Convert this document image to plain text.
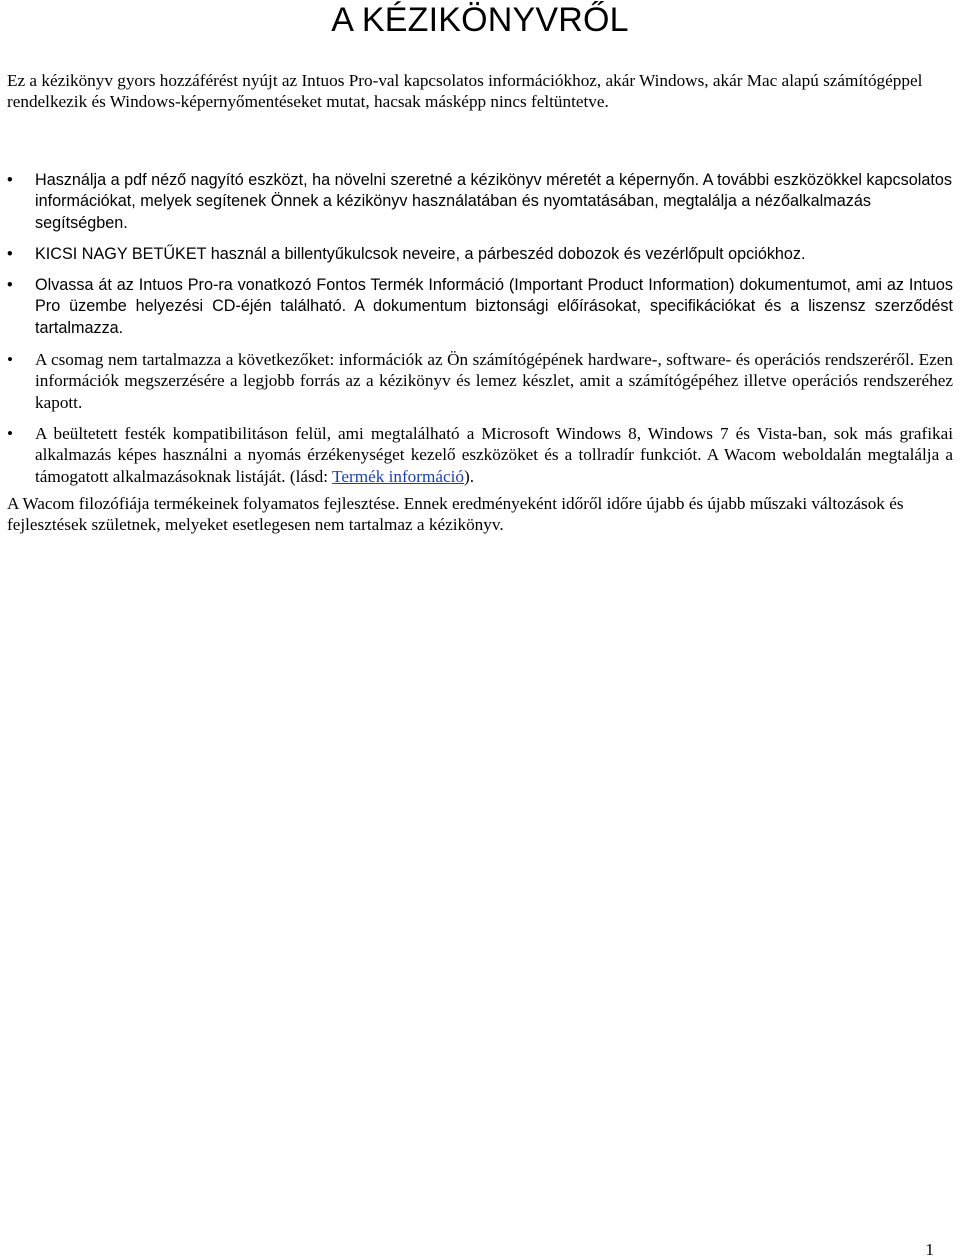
A KÉZIKÖNYVRŐL

Ez a kézikönyv gyors hozzáférést nyújt az Intuos Pro-val kapcsolatos információkhoz, akár Windows, akár Mac alapú számítógéppel rendelkezik és Windows-képernyőmentéseket mutat, hacsak másképp nincs feltüntetve.

•	Használja a pdf néző nagyító eszközt, ha növelni szeretné a kézikönyv méretét a képernyőn. A további eszközökkel kapcsolatos információkat, melyek segítenek Önnek a kézikönyv használatában és nyomtatásában, megtalálja a nézőalkalmazás segítségben.
•	KICSI NAGY BETŰKET használ a billentyűkulcsok neveire, a párbeszéd dobozok és vezérlőpult opciókhoz.
•	Olvassa át az Intuos Pro-ra vonatkozó Fontos Termék Információ (Important Product Information) dokumentumot, ami az Intuos Pro üzembe helyezési CD-éjén található. A dokumentum biztonsági előírásokat, specifikációkat és a liszensz szerződést tartalmazza.
•	A csomag nem tartalmazza a következőket: információk az Ön számítógépének hardware-, software- és operációs rendszeréről. Ezen információk megszerzésére a legjobb forrás az a kézikönyv és lemez készlet, amit a számítógépéhez illetve operációs rendszeréhez kapott.
•	A beültetett festék kompatibilitáson felül, ami megtalálható a Microsoft Windows 8, Windows 7 és Vista-ban, sok más grafikai alkalmazás képes használni a nyomás érzékenységet kezelő eszközöket és a tollradír funkciót. A Wacom weboldalán megtalálja a támogatott alkalmazásoknak listáját. (lásd: Termék információ).

A Wacom filozófiája termékeinek folyamatos fejlesztése. Ennek eredményeként időről időre újabb és újabb műszaki változások és fejlesztések születnek, melyeket esetlegesen nem tartalmaz a kézikönyv.

1
